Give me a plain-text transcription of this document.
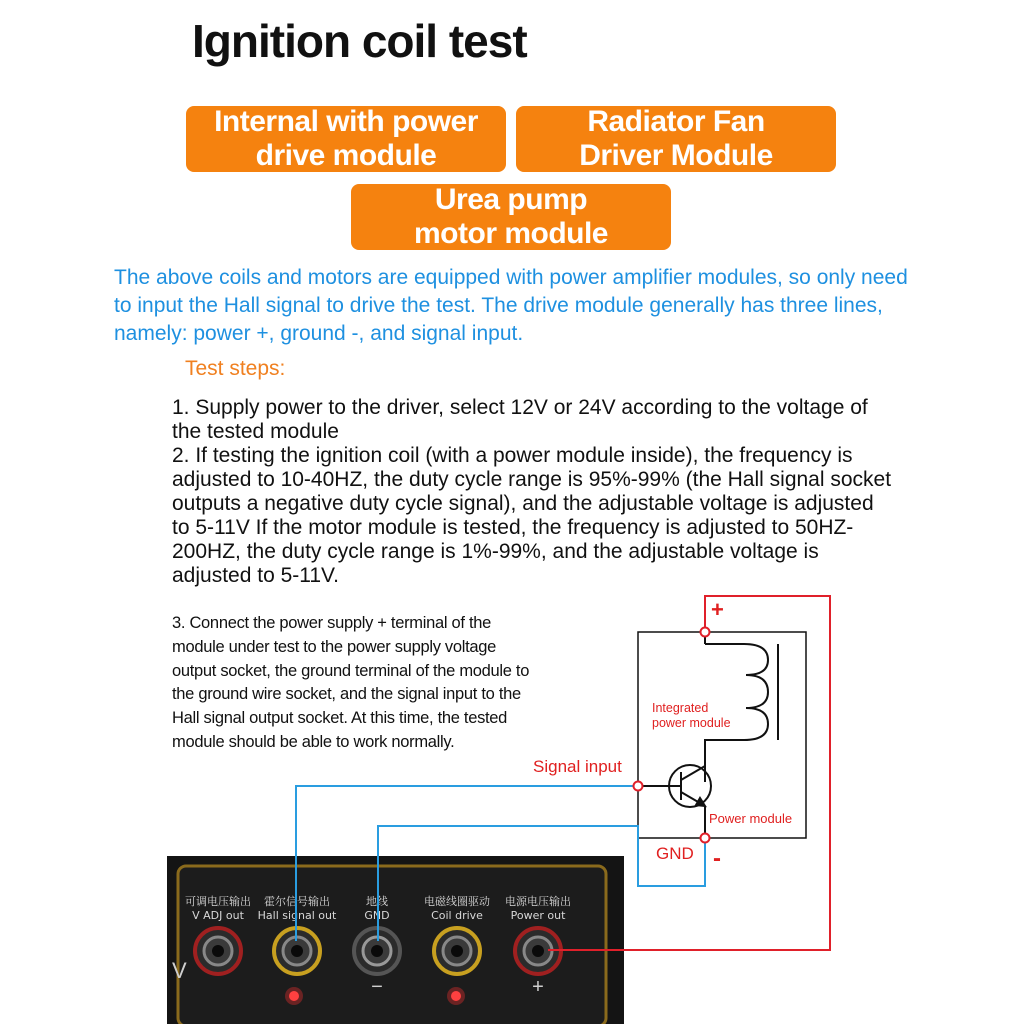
Ignition coil test
Internal with power
drive module
Radiator Fan
Driver Module
Urea pump
motor module
The above coils and motors are equipped with power amplifier modules, so only need to input the Hall signal to drive the test. The drive module generally has three lines, namely: power +, ground -, and signal input.
Test steps:
1. Supply power to the driver, select 12V or 24V according to the voltage of the tested module
2. If testing the ignition coil (with a power module inside), the frequency is adjusted to 10-40HZ, the duty cycle range is 95%-99% (the Hall signal socket outputs a negative duty cycle signal), and the adjustable voltage is adjusted to 5-11V If the motor module is tested, the frequency is adjusted to 50HZ-200HZ, the duty cycle range is 1%-99%, and the adjustable voltage is adjusted to 5-11V.
3. Connect the power supply + terminal of the module under test to the power supply voltage output socket, the ground terminal of the module to the ground wire socket, and the signal input to the Hall signal output socket. At this time, the tested module should be able to work normally.
V
可调电压输出
V ADJ out
霍尔信号输出
Hall signal out
地线
GND
电磁线圈驱动
Coil drive
电源电压输出
Power out
−	+
+
-
Integrated
power module
Signal input
Power module
GND
